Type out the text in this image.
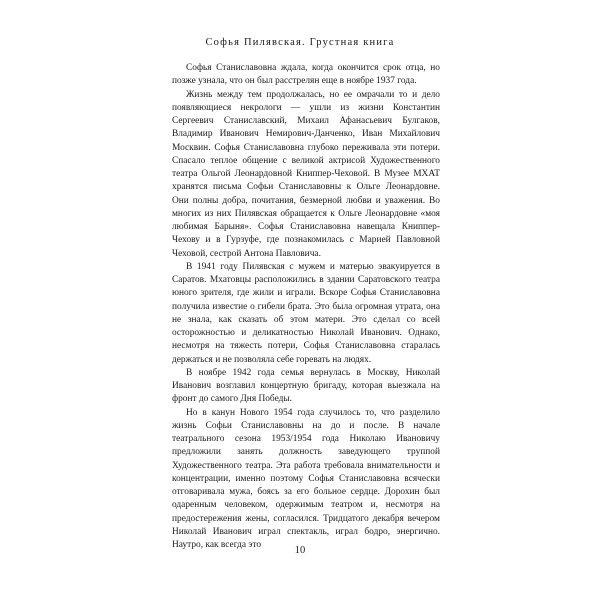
Софья Пилявская. Грустная книга

Софья Станиславовна ждала, когда окончится срок отца, но позже узнала, что он был расстрелян еще в ноябре 1937 года.

Жизнь между тем продолжалась, но ее омрачали то и дело появляющиеся некрологи — ушли из жизни Константин Сергеевич Станиславский, Михаил Афанасьевич Булгаков, Владимир Иванович Немирович-Данченко, Иван Михайлович Москвин. Софья Станиславовна глубоко переживала эти потери. Спасало теплое общение с великой актрисой Художественного театра Ольгой Леонардовной Книппер-Чеховой. В Музее МХАТ хранятся письма Софьи Станиславовны к Ольге Леонардовне. Они полны добра, почитания, безмерной любви и уважения. Во многих из них Пилявская обращается к Ольге Леонардовне «моя любимая Барыня». Софья Станиславовна навещала Книппер-Чехову и в Гурзуфе, где познакомилась с Марией Павловной Чеховой, сестрой Антона Павловича.

В 1941 году Пилявская с мужем и матерью эвакуируется в Саратов. Мхатовцы расположились в здании Саратовского театра юного зрителя, где жили и играли. Вскоре Софья Станиславовна получила известие о гибели брата. Это была огромная утрата, она не знала, как сказать об этом матери. Это сделал со всей осторожностью и деликатностью Николай Иванович. Однако, несмотря на тяжесть потери, Софья Станиславовна старалась держаться и не позволяла себе горевать на людях.

В ноябре 1942 года семья вернулась в Москву, Николай Иванович возглавил концертную бригаду, которая выезжала на фронт до самого Дня Победы.

Но в канун Нового 1954 года случилось то, что разделило жизнь Софьи Станиславовны на до и после. В начале театрального сезона 1953/1954 года Николаю Ивановичу предложили занять должность заведующего труппой Художественного театра. Эта работа требовала внимательности и концентрации, именно поэтому Софья Станиславовна всячески отговаривала мужа, боясь за его больное сердце. Дорохин был одаренным человеком, одержимым театром и, несмотря на предостережения жены, согласился. Тридцатого декабря вечером Николай Иванович играл спектакль, играл бодро, энергично. Наутро, как всегда это	10
